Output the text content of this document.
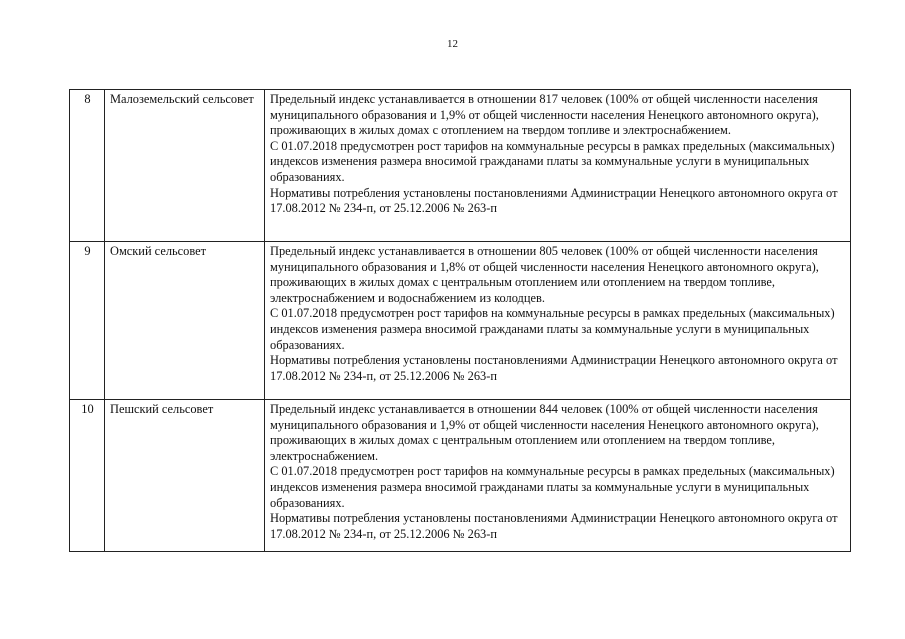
12
8	Малоземельский сельсовет	Предельный индекс устанавливается в отношении 817 человек (100% от общей численности населения муниципального образования и 1,9% от общей численности населения Ненецкого автономного округа), проживающих в жилых домах с отоплением на твердом топливе и электроснабжением.
С 01.07.2018 предусмотрен рост тарифов на коммунальные ресурсы в рамках предельных (максимальных) индексов изменения размера вносимой гражданами платы за коммунальные услуги в муниципальных образованиях.
Нормативы потребления установлены постановлениями Администрации Ненецкого автономного округа от 17.08.2012 № 234-п, от 25.12.2006 № 263-п

9	Омский сельсовет	Предельный индекс устанавливается в отношении 805 человек (100% от общей численности населения муниципального образования и 1,8% от общей численности населения Ненецкого автономного округа), проживающих в жилых домах с центральным отоплением или отоплением на твердом топливе, электроснабжением и водоснабжением из колодцев.
С 01.07.2018 предусмотрен рост тарифов на коммунальные ресурсы в рамках предельных (максимальных) индексов изменения размера вносимой гражданами платы за коммунальные услуги в муниципальных образованиях.
Нормативы потребления установлены постановлениями Администрации Ненецкого автономного округа от 17.08.2012 № 234-п, от 25.12.2006 № 263-п

10	Пешский сельсовет	Предельный индекс устанавливается в отношении 844 человек (100% от общей численности населения муниципального образования и 1,9% от общей численности населения Ненецкого автономного округа), проживающих в жилых домах с центральным отоплением или отоплением на твердом топливе, электроснабжением.
С 01.07.2018 предусмотрен рост тарифов на коммунальные ресурсы в рамках предельных (максимальных) индексов изменения размера вносимой гражданами платы за коммунальные услуги в муниципальных образованиях.
Нормативы потребления установлены постановлениями Администрации Ненецкого автономного округа от 17.08.2012 № 234-п, от 25.12.2006 № 263-п
